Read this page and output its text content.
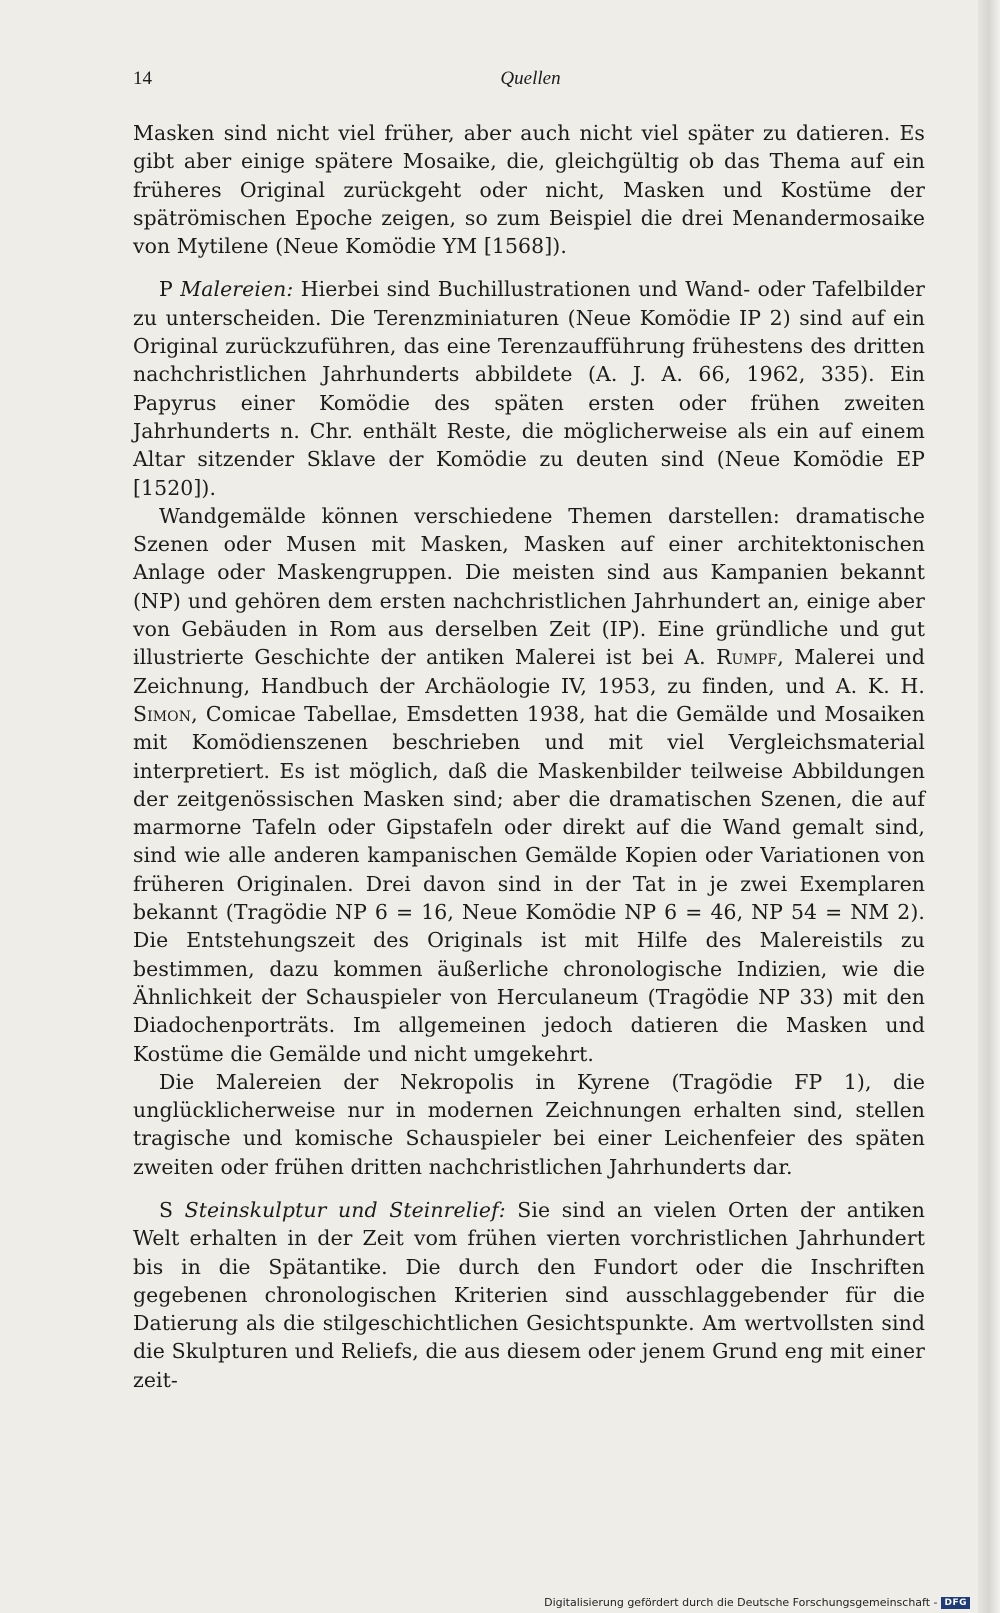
14	Quellen

Masken sind nicht viel früher, aber auch nicht viel später zu datieren. Es gibt aber einige spätere Mosaike, die, gleichgültig ob das Thema auf ein früheres Original zurückgeht oder nicht, Masken und Kostüme der spätrömischen Epoche zeigen, so zum Beispiel die drei Menandermosaike von Mytilene (Neue Komödie YM [1568]).

P Malereien: Hierbei sind Buchillustrationen und Wand- oder Tafelbilder zu unterscheiden. Die Terenzminiaturen (Neue Komödie IP 2) sind auf ein Original zurückzuführen, das eine Terenzaufführung frühestens des dritten nachchristlichen Jahrhunderts abbildete (A. J. A. 66, 1962, 335). Ein Papyrus einer Komödie des späten ersten oder frühen zweiten Jahrhunderts n. Chr. enthält Reste, die möglicherweise als ein auf einem Altar sitzender Sklave der Komödie zu deuten sind (Neue Komödie EP [1520]).

Wandgemälde können verschiedene Themen darstellen: dramatische Szenen oder Musen mit Masken, Masken auf einer architektonischen Anlage oder Maskengruppen. Die meisten sind aus Kampanien bekannt (NP) und gehören dem ersten nachchristlichen Jahrhundert an, einige aber von Gebäuden in Rom aus derselben Zeit (IP). Eine gründliche und gut illustrierte Geschichte der antiken Malerei ist bei A. Rumpf, Malerei und Zeichnung, Handbuch der Archäologie IV, 1953, zu finden, und A. K. H. Simon, Comicae Tabellae, Emsdetten 1938, hat die Gemälde und Mosaiken mit Komödienszenen beschrieben und mit viel Vergleichsmaterial interpretiert. Es ist möglich, daß die Maskenbilder teilweise Abbildungen der zeitgenössischen Masken sind; aber die dramatischen Szenen, die auf marmorne Tafeln oder Gipstafeln oder direkt auf die Wand gemalt sind, sind wie alle anderen kampanischen Gemälde Kopien oder Variationen von früheren Originalen. Drei davon sind in der Tat in je zwei Exemplaren bekannt (Tragödie NP 6 = 16, Neue Komödie NP 6 = 46, NP 54 = NM 2). Die Entstehungszeit des Originals ist mit Hilfe des Malereistils zu bestimmen, dazu kommen äußerliche chronologische Indizien, wie die Ähnlichkeit der Schauspieler von Herculaneum (Tragödie NP 33) mit den Diadochenporträts. Im allgemeinen jedoch datieren die Masken und Kostüme die Gemälde und nicht umgekehrt.

Die Malereien der Nekropolis in Kyrene (Tragödie FP 1), die unglücklicherweise nur in modernen Zeichnungen erhalten sind, stellen tragische und komische Schauspieler bei einer Leichenfeier des späten zweiten oder frühen dritten nachchristlichen Jahrhunderts dar.

S Steinskulptur und Steinrelief: Sie sind an vielen Orten der antiken Welt erhalten in der Zeit vom frühen vierten vorchristlichen Jahrhundert bis in die Spätantike. Die durch den Fundort oder die Inschriften gegebenen chronologischen Kriterien sind ausschlaggebender für die Datierung als die stilgeschichtlichen Gesichtspunkte. Am wertvollsten sind die Skulpturen und Reliefs, die aus diesem oder jenem Grund eng mit einer zeit-

Digitalisierung gefördert durch die Deutsche Forschungsgemeinschaft - DFG
